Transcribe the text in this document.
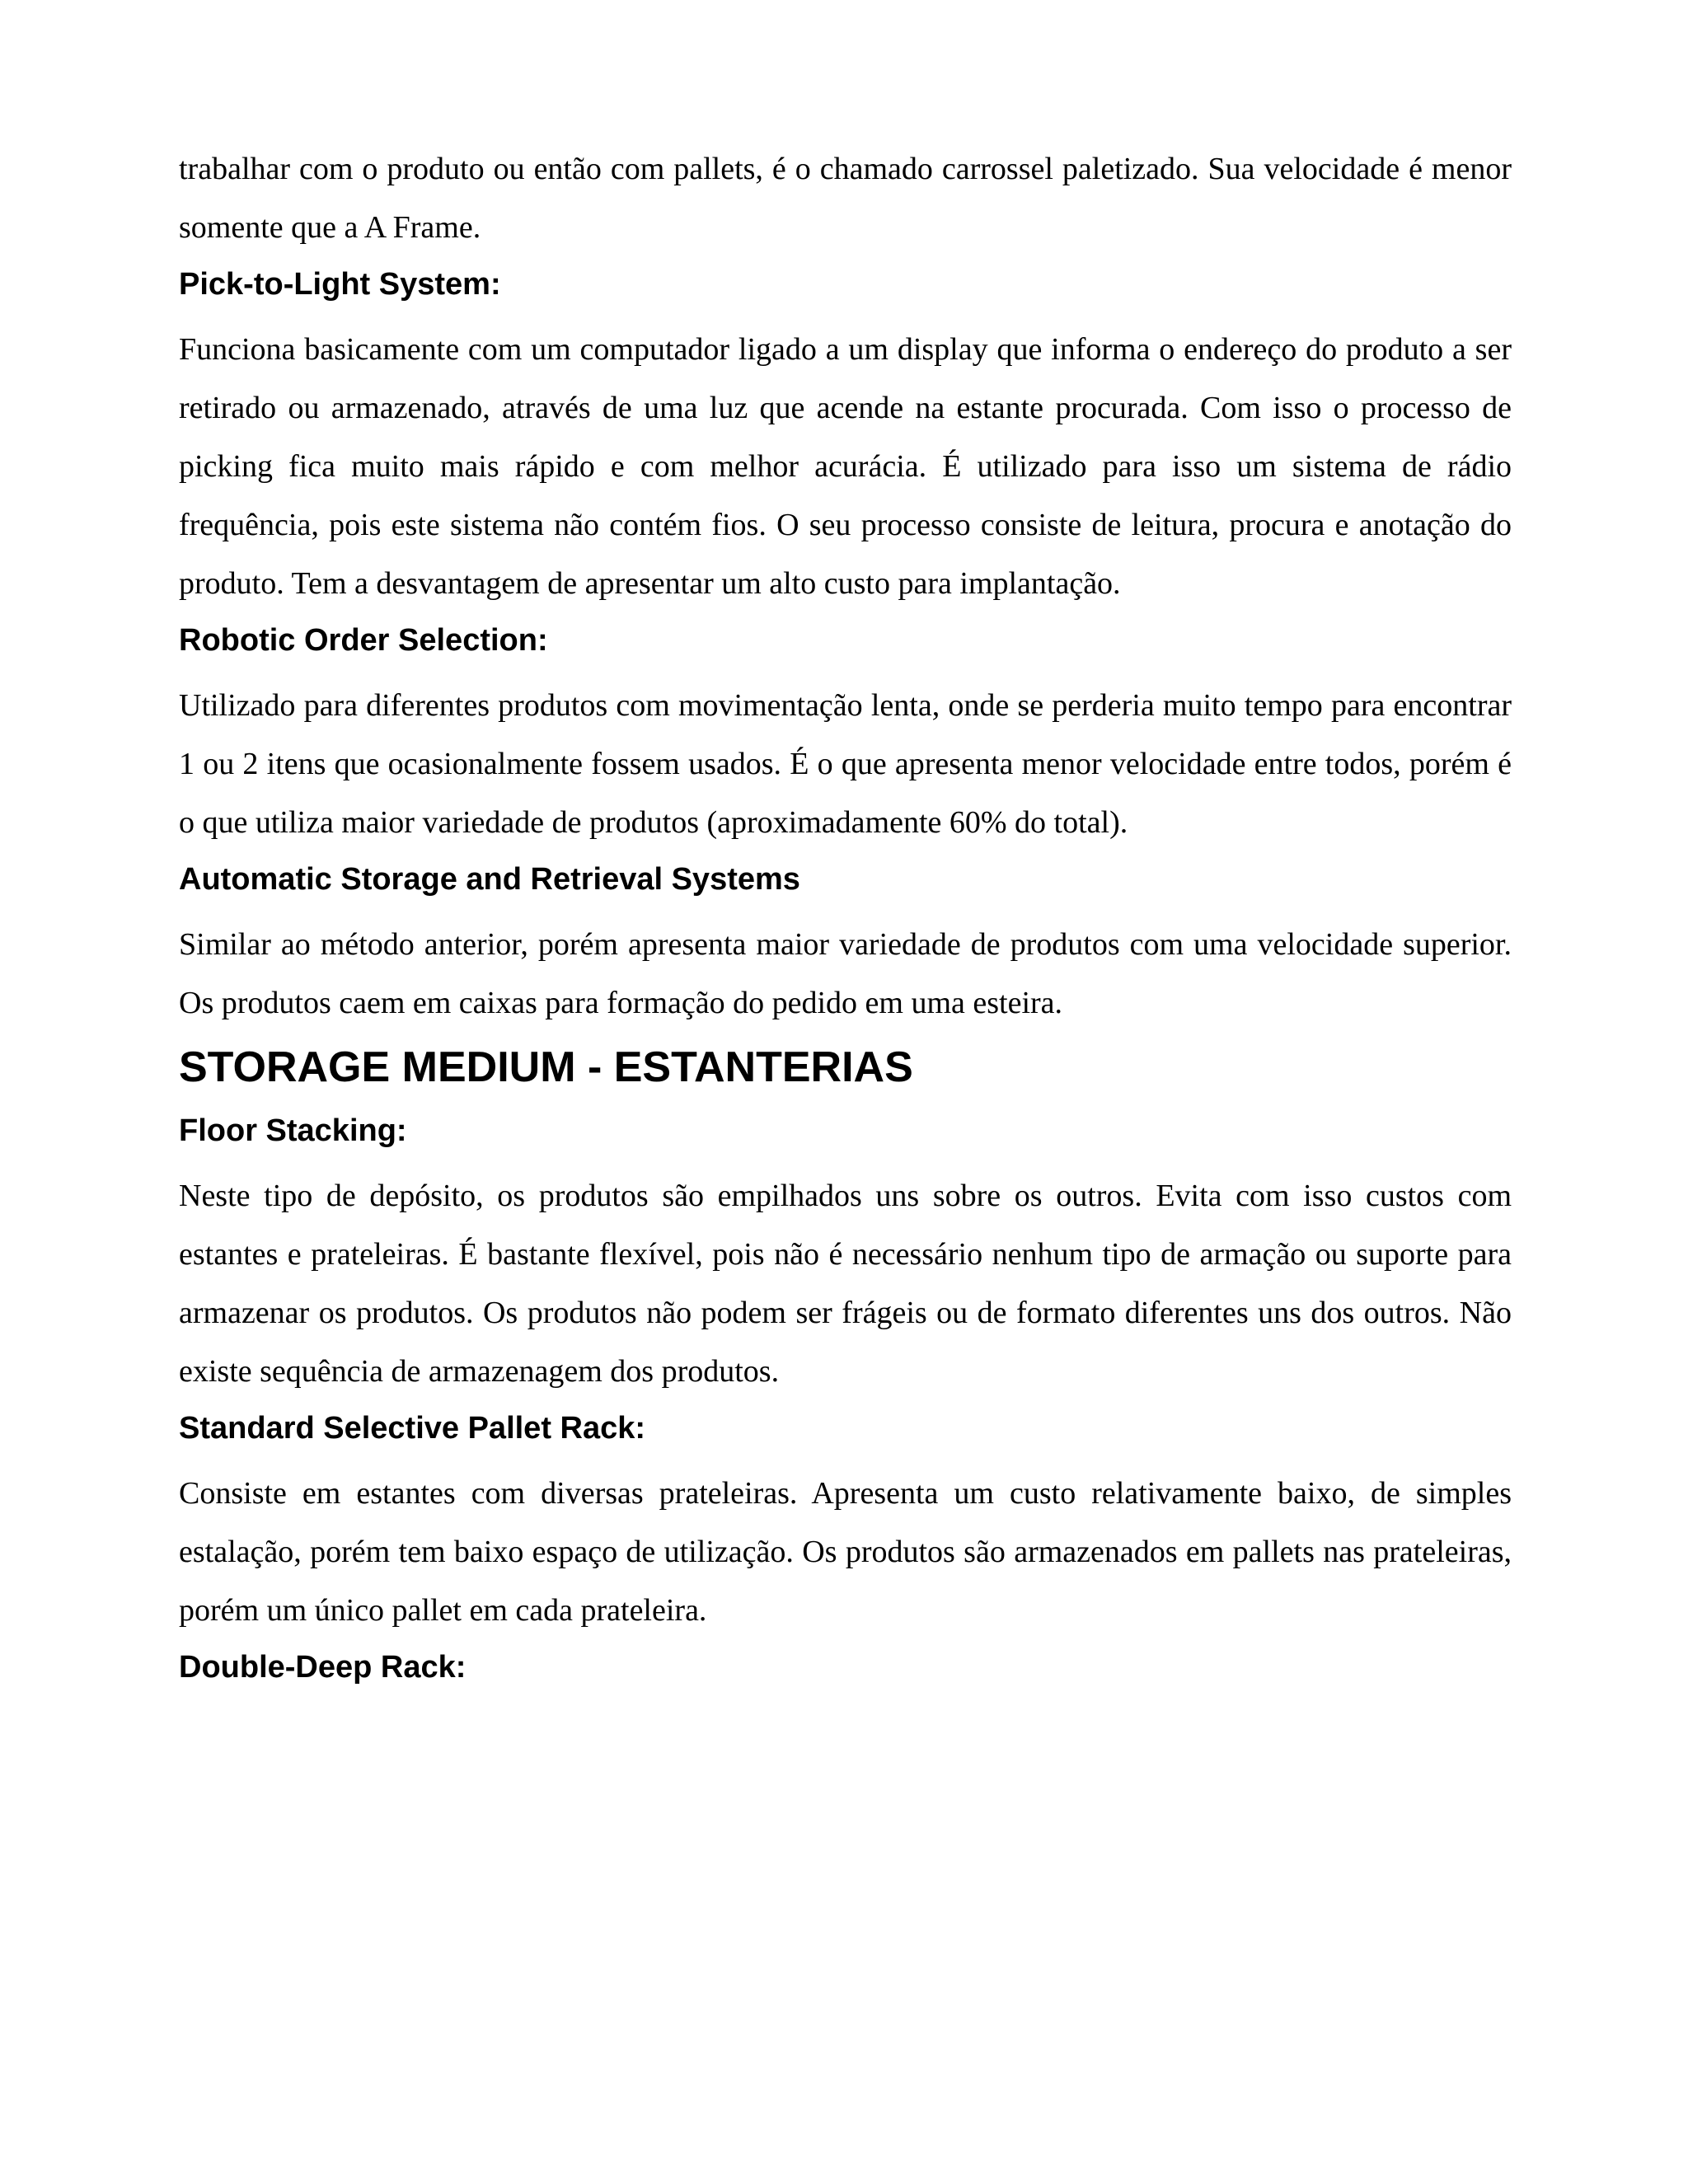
trabalhar com o produto ou então com pallets, é o chamado carrossel paletizado. Sua velocidade é menor somente que a A Frame.

Pick-to-Light System:

Funciona basicamente com um computador ligado a um display que informa o endereço do produto a ser retirado ou armazenado, através de uma luz que acende na estante procurada. Com isso o processo de picking fica muito mais rápido e com melhor acurácia. É utilizado para isso um sistema de rádio frequência, pois este sistema não contém fios. O seu processo consiste de leitura, procura e anotação do produto. Tem a desvantagem de apresentar um alto custo para implantação.

Robotic Order Selection:

Utilizado para diferentes produtos com movimentação lenta, onde se perderia muito tempo para encontrar 1 ou 2 itens que ocasionalmente fossem usados. É o que apresenta menor velocidade entre todos, porém é o que utiliza maior variedade de produtos (aproximadamente 60% do total).

Automatic Storage and Retrieval Systems

Similar ao método anterior, porém apresenta maior variedade de produtos com uma velocidade superior. Os produtos caem em caixas para formação do pedido em uma esteira.

STORAGE MEDIUM - ESTANTERIAS
Floor Stacking:

Neste tipo de depósito, os produtos são empilhados uns sobre os outros. Evita com isso custos com estantes e prateleiras. É bastante flexível, pois não é necessário nenhum tipo de armação ou suporte para armazenar os produtos. Os produtos não podem ser frágeis ou de formato diferentes uns dos outros. Não existe sequência de armazenagem dos produtos.

Standard Selective Pallet Rack:

Consiste em estantes com diversas prateleiras. Apresenta um custo relativamente baixo, de simples estalação, porém tem baixo espaço de utilização. Os produtos são armazenados em pallets nas prateleiras, porém um único pallet em cada prateleira.

Double-Deep Rack:
